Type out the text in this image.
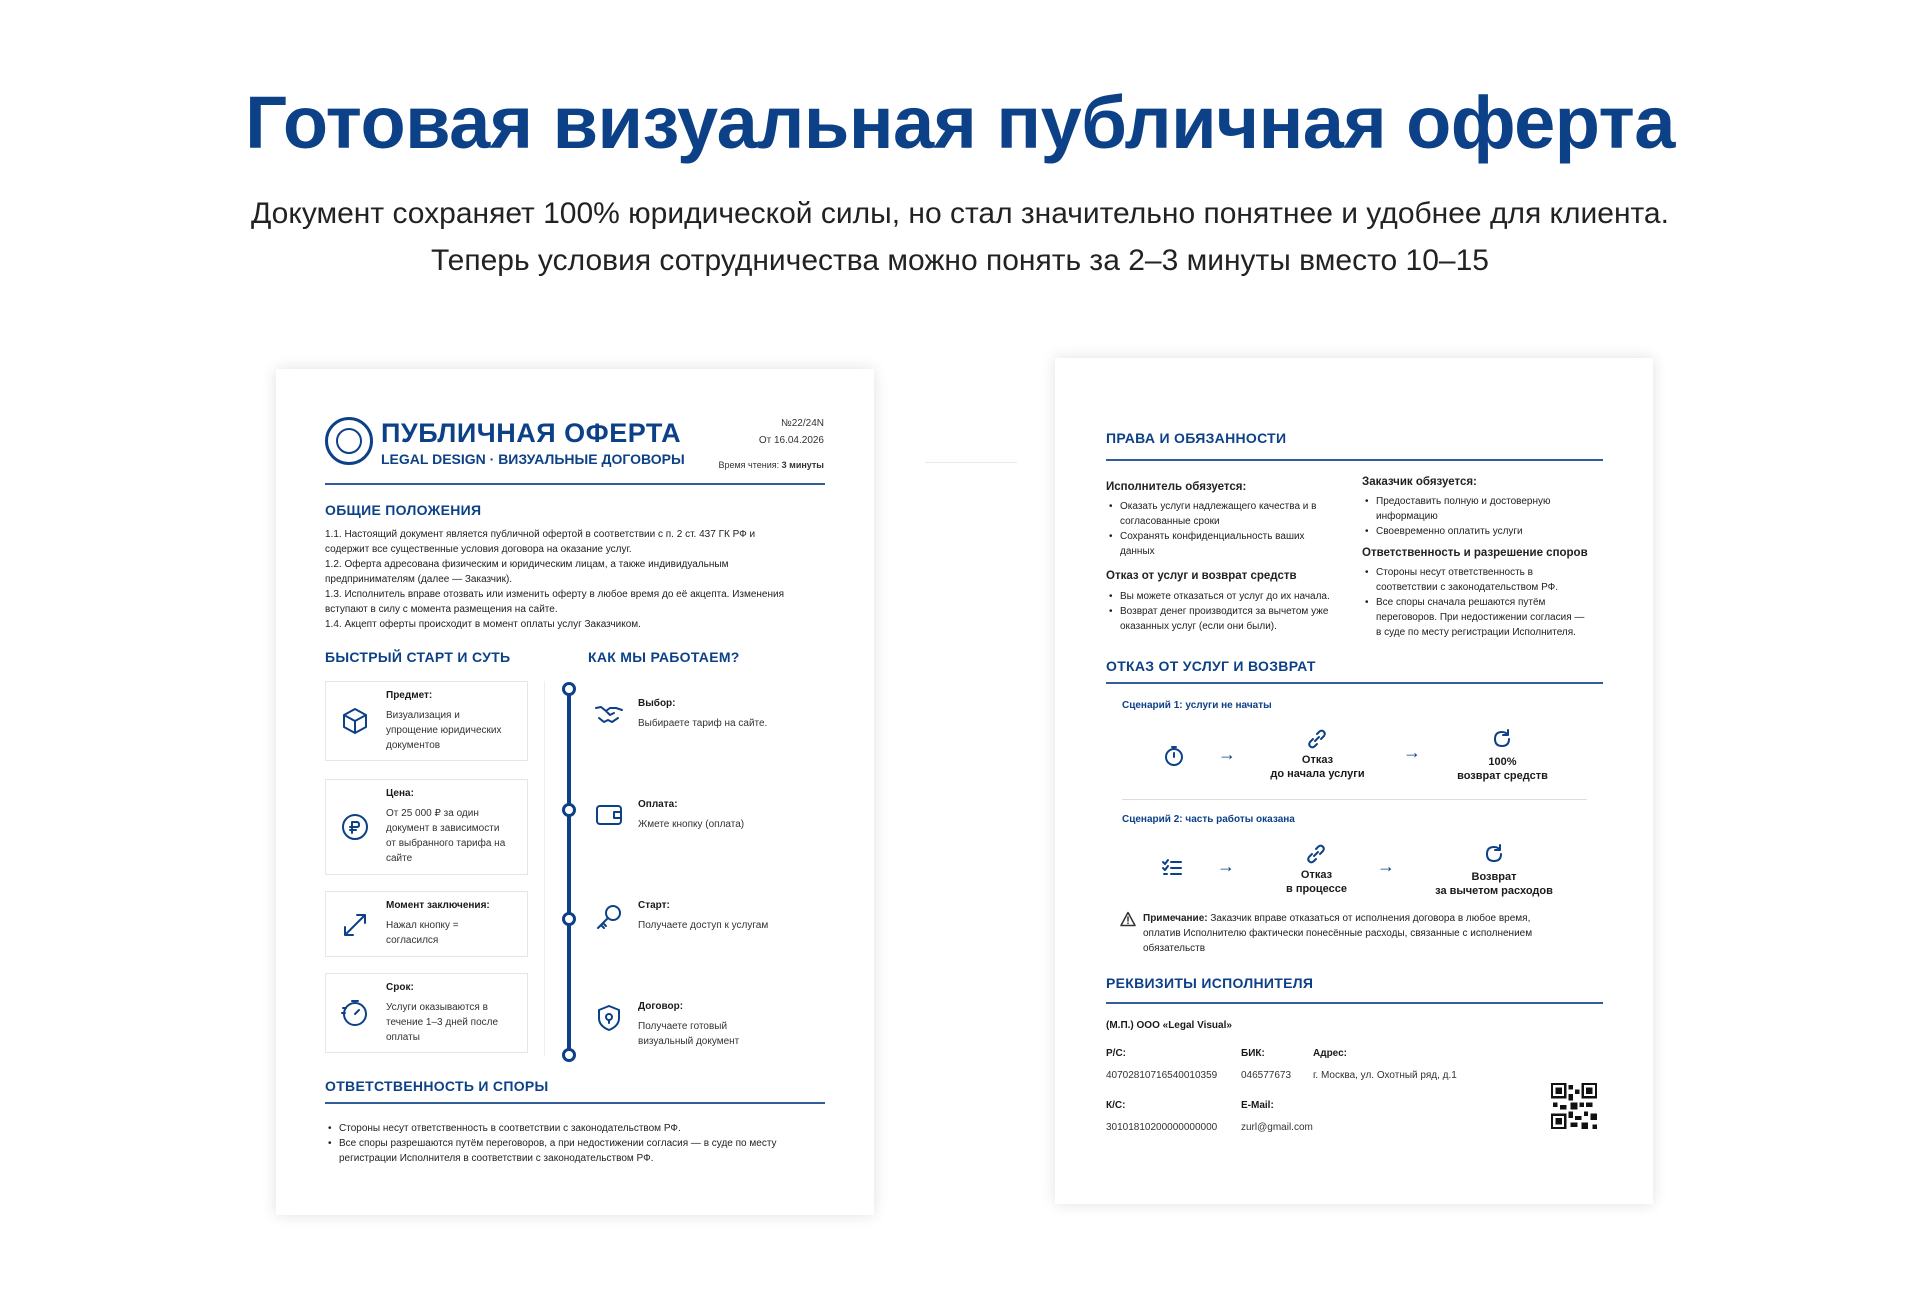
Готовая визуальная публичная оферта
Документ сохраняет 100% юридической силы, но стал значительно понятнее и удобнее для клиента.
Теперь условия сотрудничества можно понять за 2–3 минуты вместо 10–15
ПУБЛИЧНАЯ ОФЕРТА
LEGAL DESIGN · ВИЗУАЛЬНЫЕ ДОГОВОРЫ
№22/24N
От 16.04.2026
Время чтения: 3 минуты
ОБЩИЕ ПОЛОЖЕНИЯ
1.1. Настоящий документ является публичной офертой в соответствии с п. 2 ст. 437 ГК РФ и
содержит все существенные условия договора на оказание услуг.
1.2. Оферта адресована физическим и юридическим лицам, а также индивидуальным
предпринимателям (далее — Заказчик).
1.3. Исполнитель вправе отозвать или изменить оферту в любое время до её акцепта. Изменения
вступают в силу с момента размещения на сайте.
1.4. Акцепт оферты происходит в момент оплаты услуг Заказчиком.
БЫСТРЫЙ СТАРТ И СУТЬ	КАК МЫ РАБОТАЕМ?
Предмет:
Визуализация и
упрощение юридических
документов
Цена:
От 25 000 ₽ за один
документ в зависимости
от выбранного тарифа на
сайте
Момент заключения:
Нажал кнопку =
согласился
Срок:
Услуги оказываются в
течение 1–3 дней после
оплаты
Выбор:
Выбираете тариф на сайте.
Оплата:
Жмете кнопку (оплата)
Старт:
Получаете доступ к услугам
Договор:
Получаете готовый
визуальный документ
ОТВЕТСТВЕННОСТЬ И СПОРЫ
• Стороны несут ответственность в соответствии с законодательством РФ.
• Все споры разрешаются путём переговоров, а при недостижении согласия — в суде по месту
регистрации Исполнителя в соответствии с законодательством РФ.
ПРАВА И ОБЯЗАННОСТИ
Исполнитель обязуется:
• Оказать услуги надлежащего качества и в
согласованные сроки
• Сохранять конфиденциальность ваших
данных
Отказ от услуг и возврат средств
• Вы можете отказаться от услуг до их начала.
• Возврат денег производится за вычетом уже
оказанных услуг (если они были).
Заказчик обязуется:
• Предоставить полную и достоверную
информацию
• Своевременно оплатить услуги
Ответственность и разрешение споров
• Стороны несут ответственность в
соответствии с законодательством РФ.
• Все споры сначала решаются путём
переговоров. При недостижении согласия —
в суде по месту регистрации Исполнителя.
ОТКАЗ ОТ УСЛУГ И ВОЗВРАТ
Сценарий 1: услуги не начаты
→	Отказ
до начала услуги
→	100%
возврат средств
Сценарий 2: часть работы оказана
→	Отказ
в процессе
→
Возврат
за вычетом расходов
Примечание: Заказчик вправе отказаться от исполнения договора в любое время,
оплатив Исполнителю фактически понесённые расходы, связанные с исполнением
обязательств
РЕКВИЗИТЫ ИСПОЛНИТЕЛЯ
(М.П.) ООО «Legal Visual»
Р/С:
40702810716540010359
БИК:
046577673
Адрес:
г. Москва, ул. Охотный ряд, д.1
К/С:
30101810200000000000
E-Mail:
zurl@gmail.com
